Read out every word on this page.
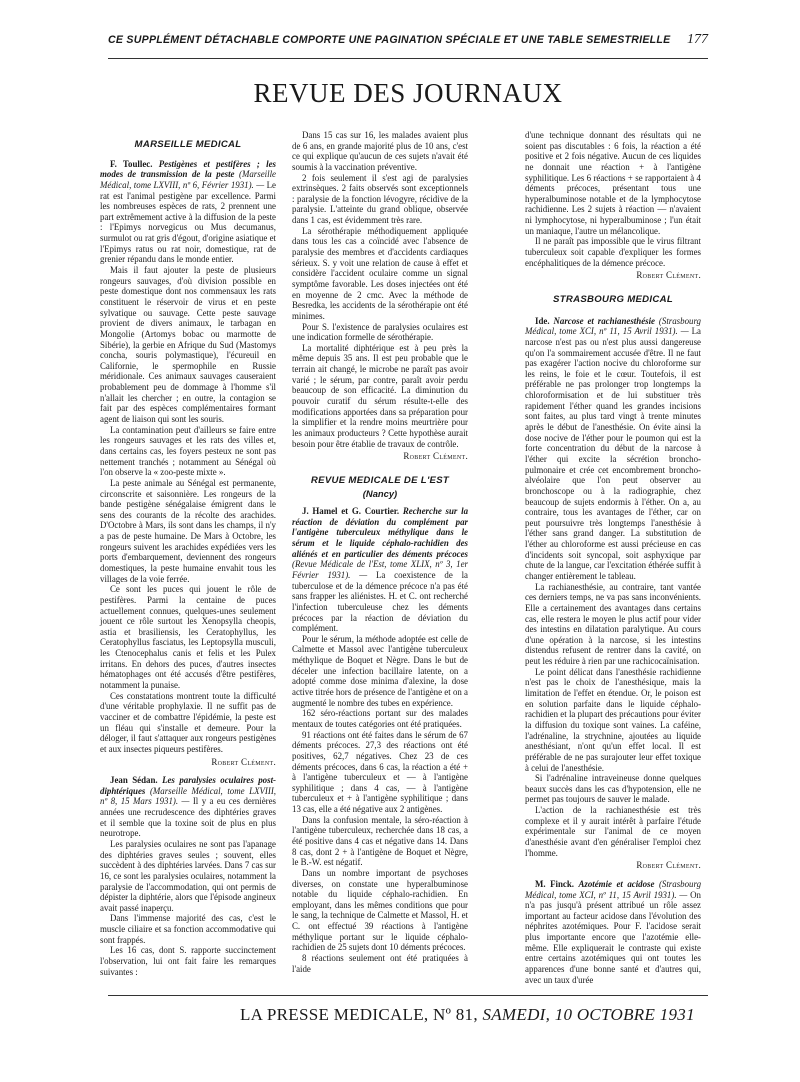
CE SUPPLÉMENT DÉTACHABLE COMPORTE UNE PAGINATION SPÉCIALE ET UNE TABLE SEMESTRIELLE 177
REVUE DES JOURNAUX
MARSEILLE MEDICAL

F. Toullec. Pestigènes et pestifères ; les modes de transmission de la peste (Marseille Médical, tome LXVIII, nº 6, Février 1931). — Le rat est l'animal pestigène par excellence. Parmi les nombreuses espèces de rats, 2 prennent une part extrêmement active à la diffusion de la peste : l'Epimys norvegicus ou Mus decumanus, surmulot ou rat gris d'égout, d'origine asiatique et l'Epimys ratus ou rat noir, domestique, rat de grenier répandu dans le monde entier.

Mais il faut ajouter la peste de plusieurs rongeurs sauvages, d'où division possible en peste domestique dont nos commensaux les rats constituent le réservoir de virus et en peste sylvatique ou sauvage. Cette peste sauvage provient de divers animaux, le tarbagan en Mongolie (Artomys bobac ou marmotte de Sibérie), la gerbie en Afrique du Sud (Mastomys concha, souris polymastique), l'écureuil en Californie, le spermophile en Russie méridionale. Ces animaux sauvages causeraient probablement peu de dommage à l'homme s'il n'allait les chercher ; en outre, la contagion se fait par des espèces complémentaires formant agent de liaison qui sont les souris.

La contamination peut d'ailleurs se faire entre les rongeurs sauvages et les rats des villes et, dans certains cas, les foyers pesteux ne sont pas nettement tranchés ; notamment au Sénégal où l'on observe la « zoo-peste mixte ».

La peste animale au Sénégal est permanente, circonscrite et saisonnière. Les rongeurs de la bande pestigène sénégalaise émigrent dans le sens des courants de la récolte des arachides. D'Octobre à Mars, ils sont dans les champs, il n'y a pas de peste humaine. De Mars à Octobre, les rongeurs suivent les arachides expédiées vers les ports d'embarquement, deviennent des rongeurs domestiques, la peste humaine envahit tous les villages de la voie ferrée.

Ce sont les puces qui jouent le rôle de pestifères. Parmi la centaine de puces actuellement connues, quelques-unes seulement jouent ce rôle surtout les Xenopsylla cheopis, astia et brasiliensis, les Ceratophyllus, les Ceratophyllus fasciatus, les Leptopsylla musculi, les Ctenocephalus canis et felis et les Pulex irritans. En dehors des puces, d'autres insectes hématophages ont été accusés d'être pestifères, notamment la punaise.

Ces constatations montrent toute la difficulté d'une véritable prophylaxie. Il ne suffit pas de vacciner et de combattre l'épidémie, la peste est un fléau qui s'installe et demeure. Pour la déloger, il faut s'attaquer aux rongeurs pestigènes et aux insectes piqueurs pestifères.

Robert Clément.

Jean Sédan. Les paralysies oculaires post-diphtériques (Marseille Médical, tome LXVIII, nº 8, 15 Mars 1931). — Il y a eu ces dernières années une recrudescence des diphtéries graves et il semble que la toxine soit de plus en plus neurotrope.

Les paralysies oculaires ne sont pas l'apanage des diphtéries graves seules ; souvent, elles succèdent à des diphtéries larvées. Dans 7 cas sur 16, ce sont les paralysies oculaires, notamment la paralysie de l'accommodation, qui ont permis de dépister la diphtérie, alors que l'épisode angineux avait passé inaperçu.

Dans l'immense majorité des cas, c'est le muscle ciliaire et sa fonction accommodative qui sont frappés.

Les 16 cas, dont S. rapporte succinctement l'observation, lui ont fait faire les remarques suivantes :

Dans 15 cas sur 16, les malades avaient plus de 6 ans, en grande majorité plus de 10 ans, c'est ce qui explique qu'aucun de ces sujets n'avait été soumis à la vaccination préventive.

2 fois seulement il s'est agi de paralysies extrinsèques. 2 faits observés sont exceptionnels : paralysie de la fonction lévogyre, récidive de la paralysie. L'atteinte du grand oblique, observée dans 1 cas, est évidemment très rare.

La sérothérapie méthodiquement appliquée dans tous les cas a coïncidé avec l'absence de paralysie des membres et d'accidents cardiaques sérieux. S. y voit une relation de cause à effet et considère l'accident oculaire comme un signal symptôme favorable. Les doses injectées ont été en moyenne de 2 cmc. Avec la méthode de Besredka, les accidents de la sérothérapie ont été minimes.

Pour S. l'existence de paralysies oculaires est une indication formelle de sérothérapie.

La mortalité diphtérique est à peu près la même depuis 35 ans. Il est peu probable que le terrain ait changé, le microbe ne paraît pas avoir varié ; le sérum, par contre, paraît avoir perdu beaucoup de son efficacité. La diminution du pouvoir curatif du sérum résulte-t-elle des modifications apportées dans sa préparation pour la simplifier et la rendre moins meurtrière pour les animaux producteurs ? Cette hypothèse aurait besoin pour être établie de travaux de contrôle.

Robert Clément.
REVUE MEDICALE DE L'EST
(Nancy)

J. Hamel et G. Courtier. Recherche sur la réaction de déviation du complément par l'antigène tuberculeux méthylique dans le sérum et le liquide céphalo-rachidien des aliénés et en particulier des déments précoces (Revue Médicale de l'Est, tome XLIX, nº 3, 1er Février 1931). — La coexistence de la tuberculose et de la démence précoce n'a pas été sans frapper les aliénistes. H. et C. ont recherché l'infection tuberculeuse chez les déments précoces par la réaction de déviation du complément.

Pour le sérum, la méthode adoptée est celle de Calmette et Massol avec l'antigène tuberculeux méthylique de Boquet et Nègre. Dans le but de déceler une infection bacillaire latente, on a adopté comme dose minima d'alexine, la dose active titrée hors de présence de l'antigène et on a augmenté le nombre des tubes en expérience.

162 séro-réactions portant sur des malades mentaux de toutes catégories ont été pratiquées.

91 réactions ont été faites dans le sérum de 67 déments précoces. 27,3 des réactions ont été positives, 62,7 négatives. Chez 23 de ces déments précoces, dans 6 cas, la réaction a été + à l'antigène tuberculeux et — à l'antigène syphilitique ; dans 4 cas, — à l'antigène tuberculeux et + à l'antigène syphilitique ; dans 13 cas, elle a été négative aux 2 antigènes.

Dans la confusion mentale, la séro-réaction à l'antigène tuberculeux, recherchée dans 18 cas, a été positive dans 4 cas et négative dans 14. Dans 8 cas, dont 2 + à l'antigène de Boquet et Nègre, le B.-W. est négatif.

Dans un nombre important de psychoses diverses, on constate une hyperalbuminose notable du liquide céphalo-rachidien. En employant, dans les mêmes conditions que pour le sang, la technique de Calmette et Massol, H. et C. ont effectué 39 réactions à l'antigène méthylique portant sur le liquide céphalo-rachidien de 25 sujets dont 10 déments précoces.

8 réactions seulement ont été pratiquées à l'aide

d'une technique donnant des résultats qui ne soient pas discutables : 6 fois, la réaction a été positive et 2 fois négative. Aucun de ces liquides ne donnait une réaction + à l'antigène syphilitique. Les 6 réactions + se rapportaient à 4 déments précoces, présentant tous une hyperalbuminose notable et de la lymphocytose rachidienne. Les 2 sujets à réaction — n'avaient ni lymphocytose, ni hyperalbuminose ; l'un était un maniaque, l'autre un mélancolique.

Il ne paraît pas impossible que le virus filtrant tuberculeux soit capable d'expliquer les formes encéphalitiques de la démence précoce.

Robert Clément.
STRASBOURG MEDICAL

Ide. Narcose et rachianesthésie (Strasbourg Médical, tome XCI, nº 11, 15 Avril 1931). — La narcose n'est pas ou n'est plus aussi dangereuse qu'on l'a sommairement accusée d'être. Il ne faut pas exagérer l'action nocive du chloroforme sur les reins, le foie et le cœur. Toutefois, il est préférable ne pas prolonger trop longtemps la chloroformisation et de lui substituer très rapidement l'éther quand les grandes incisions sont faites, au plus tard vingt à trente minutes après le début de l'anesthésie. On évite ainsi la dose nocive de l'éther pour le poumon qui est la forte concentration du début de la narcose à l'éther qui excite la sécrétion broncho-pulmonaire et crée cet encombrement broncho-alvéolaire que l'on peut observer au bronchoscope ou à la radiographie, chez beaucoup de sujets endormis à l'éther. On a, au contraire, tous les avantages de l'éther, car on peut poursuivre très longtemps l'anesthésie à l'éther sans grand danger. La substitution de l'éther au chloroforme est aussi précieuse en cas d'incidents soit syncopal, soit asphyxique par chute de la langue, car l'excitation éthérée suffit à changer entièrement le tableau.

La rachianesthésie, au contraire, tant vantée ces derniers temps, ne va pas sans inconvénients. Elle a certainement des avantages dans certains cas, elle restera le moyen le plus actif pour vider des intestins en dilatation paralytique. Au cours d'une opération à la narcose, si les intestins distendus refusent de rentrer dans la cavité, on peut les réduire à rien par une rachicocaïnisation.

Le point délicat dans l'anesthésie rachidienne n'est pas le choix de l'anesthésique, mais la limitation de l'effet en étendue. Or, le poison est en solution parfaite dans le liquide céphalo-rachidien et la plupart des précautions pour éviter la diffusion du toxique sont vaines. La caféine, l'adrénaline, la strychnine, ajoutées au liquide anesthésiant, n'ont qu'un effet local. Il est préférable de ne pas surajouter leur effet toxique à celui de l'anesthésie.

Si l'adrénaline intraveineuse donne quelques beaux succès dans les cas d'hypotension, elle ne permet pas toujours de sauver le malade.

L'action de la rachianesthésie est très complexe et il y aurait intérêt à parfaire l'étude expérimentale sur l'animal de ce moyen d'anesthésie avant d'en généraliser l'emploi chez l'homme.

Robert Clément.

M. Finck. Azotémie et acidose (Strasbourg Médical, tome XCI, nº 11, 15 Avril 1931). — On n'a pas jusqu'à présent attribué un rôle assez important au facteur acidose dans l'évolution des néphrites azotémiques. Pour F. l'acidose serait plus importante encore que l'azotémie elle-même. Elle expliquerait le contraste qui existe entre certains azotémiques qui ont toutes les apparences d'une bonne santé et d'autres qui, avec un taux d'urée

LA PRESSE MEDICALE, Nº 81, SAMEDI, 10 OCTOBRE 1931
